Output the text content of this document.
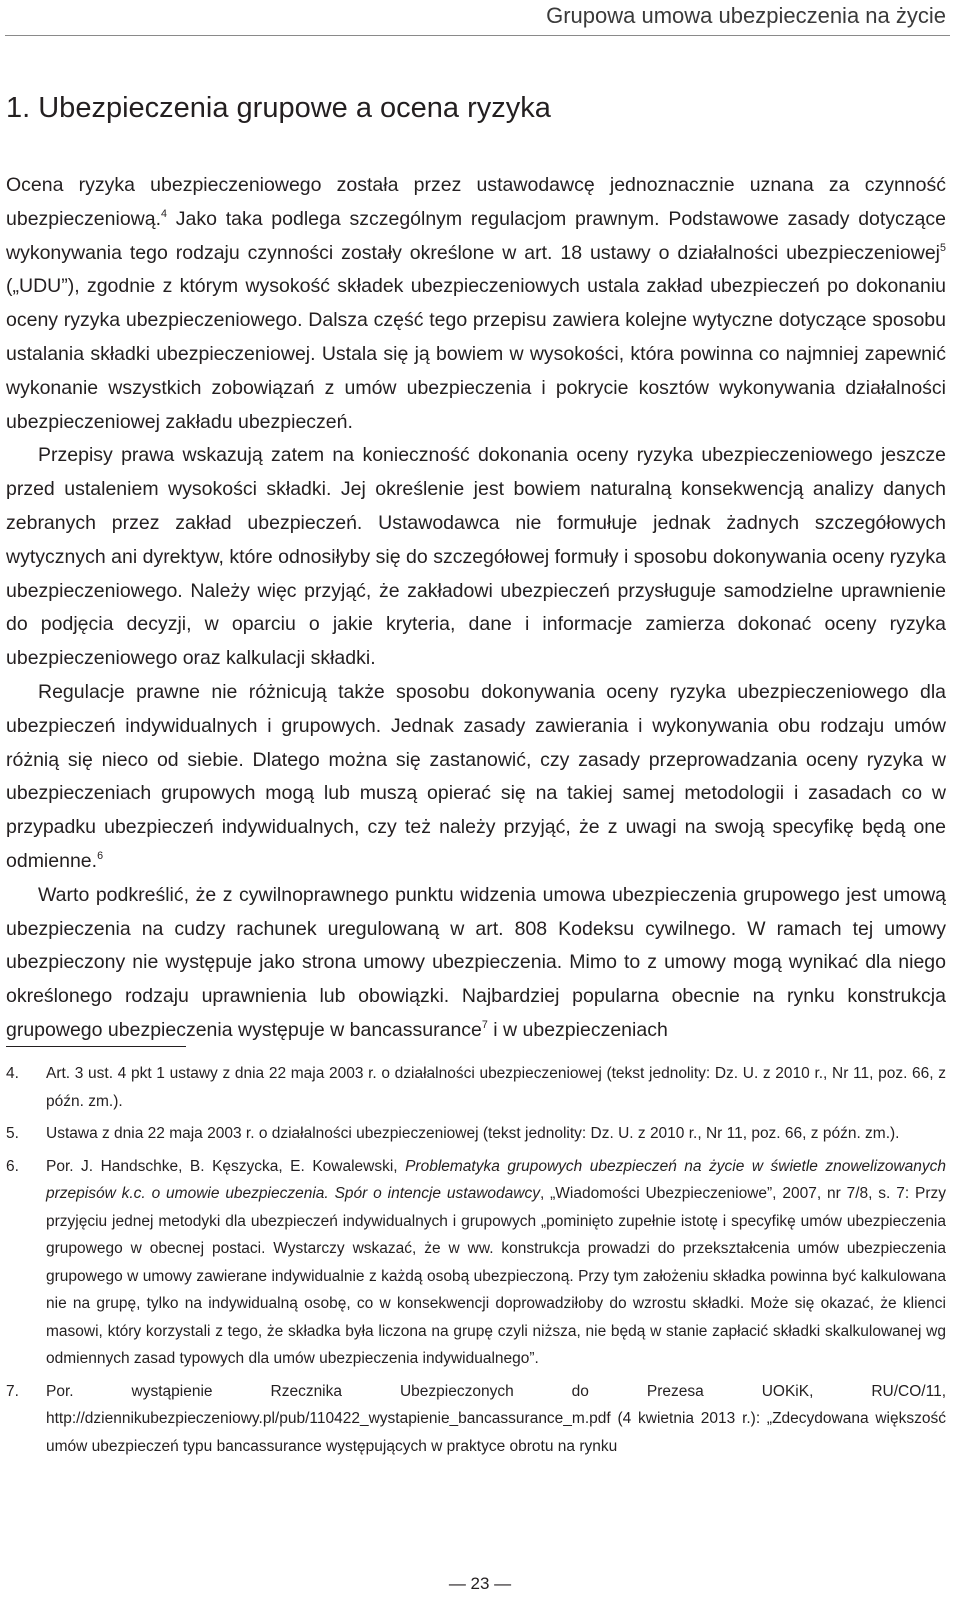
Grupowa umowa ubezpieczenia na życie
1. Ubezpieczenia grupowe a ocena ryzyka

Ocena ryzyka ubezpieczeniowego została przez ustawodawcę jednoznacznie uznana za czynność ubezpieczeniową.$^4$ Jako taka podlega szczególnym regulacjom prawnym. Podstawowe zasady dotyczące wykonywania tego rodzaju czynności zostały określone w art. 18 ustawy o działalności ubezpieczeniowej$^5$ („UDU”), zgodnie z którym wysokość składek ubezpieczeniowych ustala zakład ubezpieczeń po dokonaniu oceny ryzyka ubezpieczeniowego. Dalsza część tego przepisu zawiera kolejne wytyczne dotyczące sposobu ustalania składki ubezpieczeniowej. Ustala się ją bowiem w wysokości, która powinna co najmniej zapewnić wykonanie wszystkich zobowiązań z umów ubezpieczenia i pokrycie kosztów wykonywania działalności ubezpieczeniowej zakładu ubezpieczeń.

Przepisy prawa wskazują zatem na konieczność dokonania oceny ryzyka ubezpieczeniowego jeszcze przed ustaleniem wysokości składki. Jej określenie jest bowiem naturalną konsekwencją analizy danych zebranych przez zakład ubezpieczeń. Ustawodawca nie formułuje jednak żadnych szczegółowych wytycznych ani dyrektyw, które odnosiłyby się do szczegółowej formuły i sposobu dokonywania oceny ryzyka ubezpieczeniowego. Należy więc przyjąć, że zakładowi ubezpieczeń przysługuje samodzielne uprawnienie do podjęcia decyzji, w oparciu o jakie kryteria, dane i informacje zamierza dokonać oceny ryzyka ubezpieczeniowego oraz kalkulacji składki.

Regulacje prawne nie różnicują także sposobu dokonywania oceny ryzyka ubezpieczeniowego dla ubezpieczeń indywidualnych i grupowych. Jednak zasady zawierania i wykonywania obu rodzaju umów różnią się nieco od siebie. Dlatego można się zastanowić, czy zasady przeprowadzania oceny ryzyka w ubezpieczeniach grupowych mogą lub muszą opierać się na takiej samej metodologii i zasadach co w przypadku ubezpieczeń indywidualnych, czy też należy przyjąć, że z uwagi na swoją specyfikę będą one odmienne.$^6$

Warto podkreślić, że z cywilnoprawnego punktu widzenia umowa ubezpieczenia grupowego jest umową ubezpieczenia na cudzy rachunek uregulowaną w art. 808 Kodeksu cywilnego. W ramach tej umowy ubezpieczony nie występuje jako strona umowy ubezpieczenia. Mimo to z umowy mogą wynikać dla niego określonego rodzaju uprawnienia lub obowiązki. Najbardziej popularna obecnie na rynku konstrukcja grupowego ubezpieczenia występuje w bancassurance$^7$ i w ubezpieczeniach

4.	Art. 3 ust. 4 pkt 1 ustawy z dnia 22 maja 2003 r. o działalności ubezpieczeniowej (tekst jednolity: Dz. U. z 2010 r., Nr 11, poz. 66, z późn. zm.).
5.	Ustawa z dnia 22 maja 2003 r. o działalności ubezpieczeniowej (tekst jednolity: Dz. U. z 2010 r., Nr 11, poz. 66, z późn. zm.).
6.	Por. J. Handschke, B. Kęszycka, E. Kowalewski, Problematyka grupowych ubezpieczeń na życie w świetle znowelizowanych przepisów k.c. o umowie ubezpieczenia. Spór o intencje ustawodawcy, „Wiadomości Ubezpieczeniowe”, 2007, nr 7/8, s. 7: Przy przyjęciu jednej metodyki dla ubezpieczeń indywidualnych i grupowych „pominięto zupełnie istotę i specyfikę umów ubezpieczenia grupowego w obecnej postaci. Wystarczy wskazać, że w ww. konstrukcja prowadzi do przekształcenia umów ubezpieczenia grupowego w umowy zawierane indywidualnie z każdą osobą ubezpieczoną. Przy tym założeniu składka powinna być kalkulowana nie na grupę, tylko na indywidualną osobę, co w konsekwencji doprowadziłoby do wzrostu składki. Może się okazać, że klienci masowi, który korzystali z tego, że składka była liczona na grupę czyli niższa, nie będą w stanie zapłacić składki skalkulowanej wg odmiennych zasad typowych dla umów ubezpieczenia indywidualnego”.
7.	Por. wystąpienie Rzecznika Ubezpieczonych do Prezesa UOKiK, RU/CO/11, http://dziennikubezpieczeniowy.pl/pub/110422_wystapienie_bancassurance_m.pdf (4 kwietnia 2013 r.): „Zdecydowana większość umów ubezpieczeń typu bancassurance występujących w praktyce obrotu na rynku
— 23 —
